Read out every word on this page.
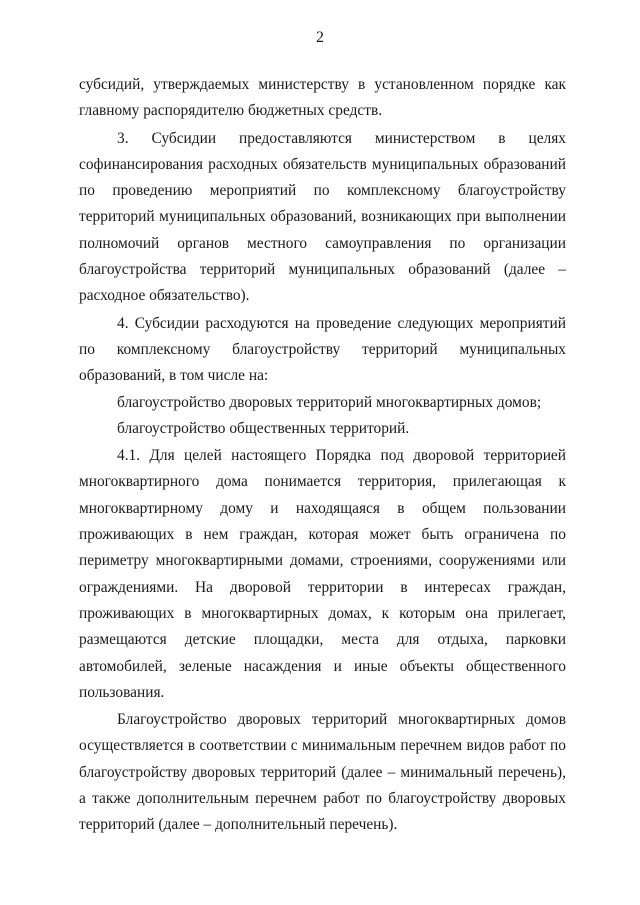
2

субсидий, утверждаемых министерству в установленном порядке как главному распорядителю бюджетных средств.

3. Субсидии предоставляются министерством в целях софинансирования расходных обязательств муниципальных образований по проведению мероприятий по комплексному благоустройству территорий муниципальных образований, возникающих при выполнении полномочий органов местного самоуправления по организации благоустройства территорий муниципальных образований (далее – расходное обязательство).

4. Субсидии расходуются на проведение следующих мероприятий по комплексному благоустройству территорий муниципальных образований, в том числе на:

благоустройство дворовых территорий многоквартирных домов;

благоустройство общественных территорий.

4.1. Для целей настоящего Порядка под дворовой территорией многоквартирного дома понимается территория, прилегающая к многоквартирному дому и находящаяся в общем пользовании проживающих в нем граждан, которая может быть ограничена по периметру многоквартирными домами, строениями, сооружениями или ограждениями. На дворовой территории в интересах граждан, проживающих в многоквартирных домах, к которым она прилегает, размещаются детские площадки, места для отдыха, парковки автомобилей, зеленые насаждения и иные объекты общественного пользования.

Благоустройство дворовых территорий многоквартирных домов осуществляется в соответствии с минимальным перечнем видов работ по благоустройству дворовых территорий (далее – минимальный перечень), а также дополнительным перечнем работ по благоустройству дворовых территорий (далее – дополнительный перечень).
